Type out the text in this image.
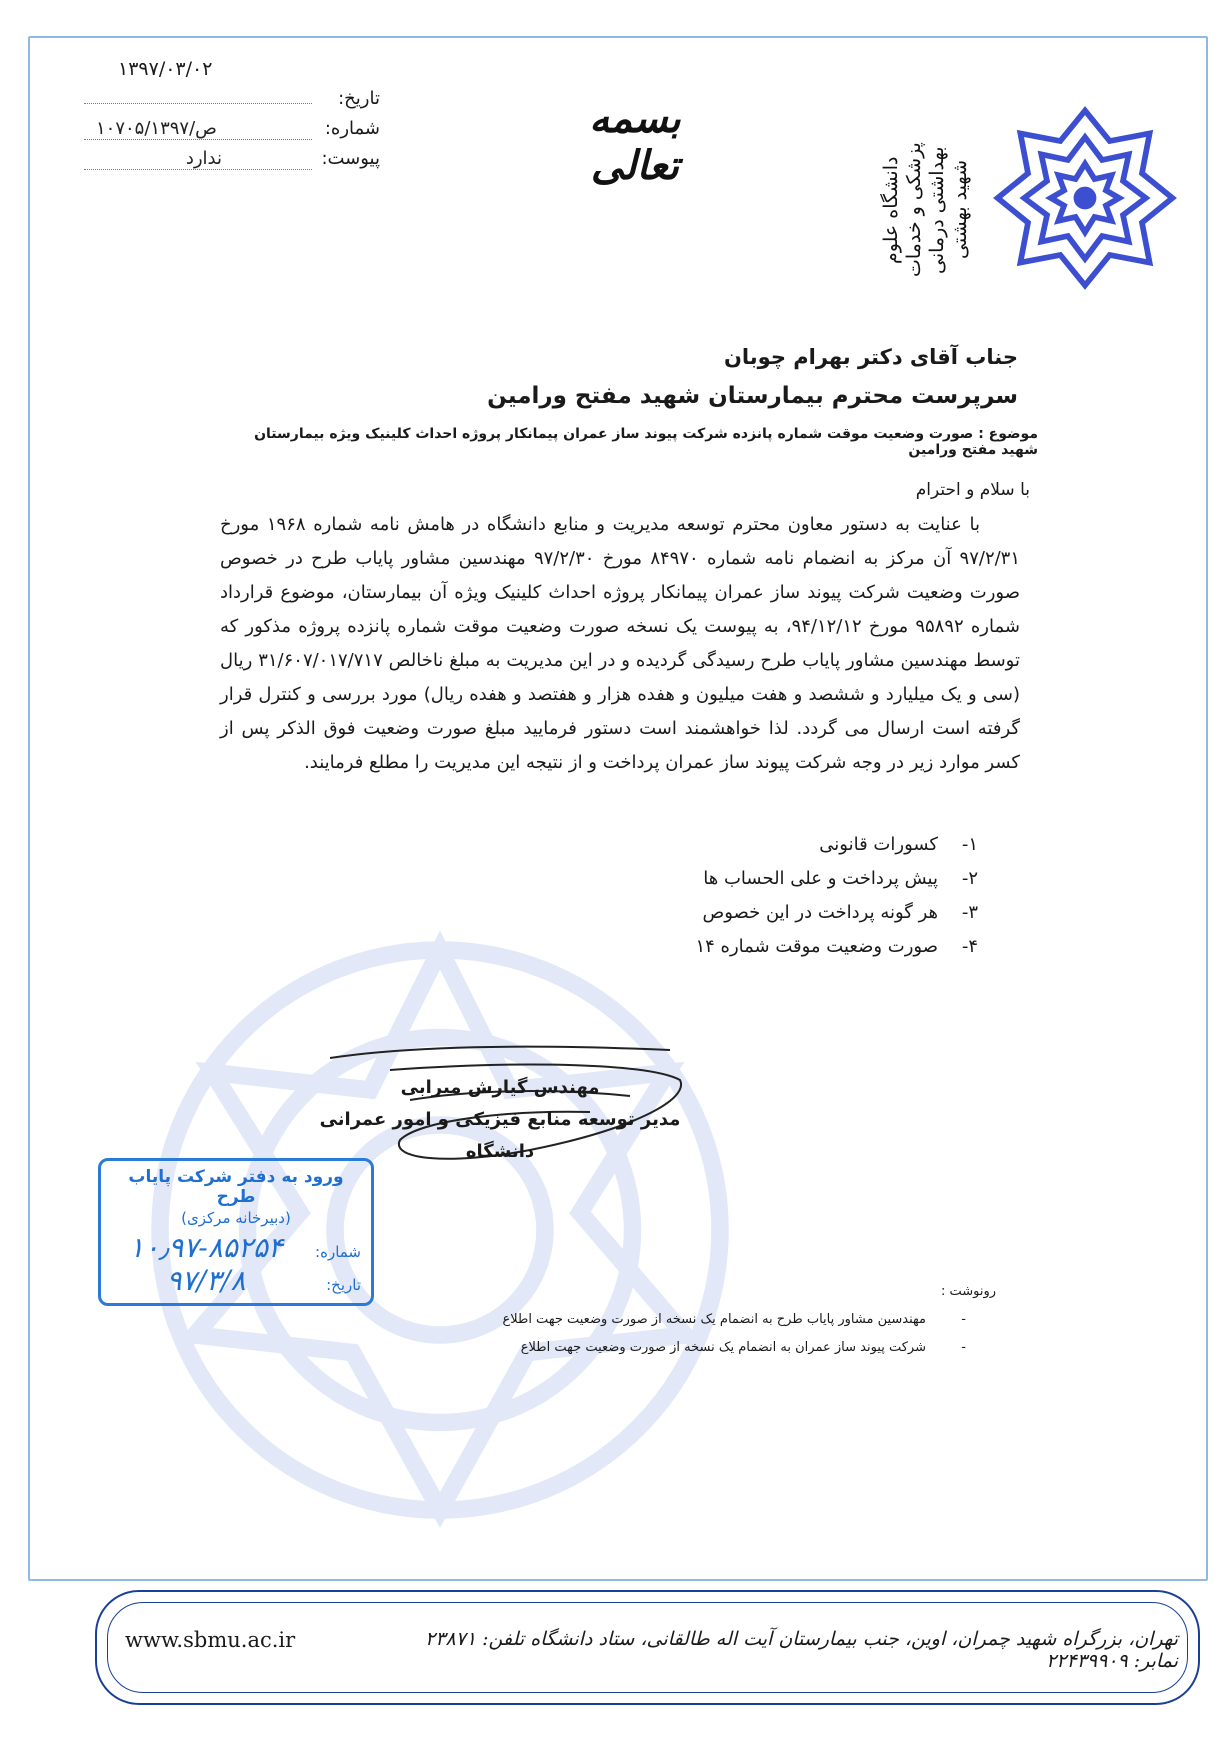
۱۳۹۷/۰۳/۰۲
تاریخ:
شماره:
۱۰۷۰۵/ص/۱۳۹۷
پیوست:
ندارد
بسمه تعالی	دانشگاه علوم پزشکی و خدمات بهداشتی درمانی شهید بهشتی
جناب آقای دکتر بهرام چوبان
سرپرست محترم بیمارستان شهید مفتح ورامین
موضوع : صورت وضعیت موقت شماره پانزده شرکت پیوند ساز عمران پیمانکار پروژه احداث کلینیک ویژه بیمارستان شهید مفتح ورامین
با سلام و احترام
با عنایت به دستور معاون محترم توسعه مدیریت و منابع دانشگاه در هامش نامه شماره ۱۹۶۸ مورخ ۹۷/۲/۳۱ آن مرکز به انضمام نامه شماره ۸۴۹۷۰ مورخ ۹۷/۲/۳۰ مهندسین مشاور پایاب طرح در خصوص صورت وضعیت شرکت پیوند ساز عمران پیمانکار پروژه احداث کلینیک ویژه آن بیمارستان، موضوع قرارداد شماره ۹۵۸۹۲ مورخ ۹۴/۱۲/۱۲، به پیوست یک نسخه صورت وضعیت موقت شماره پانزده پروژه مذکور که توسط مهندسین مشاور پایاب طرح رسیدگی گردیده و در این مدیریت به مبلغ ناخالص ۳۱/۶۰۷/۰۱۷/۷۱۷ ریال (سی و یک میلیارد و ششصد و هفت میلیون و هفده هزار و هفتصد و هفده ریال) مورد بررسی و کنترل قرار گرفته است ارسال می گردد. لذا خواهشمند است دستور فرمایید مبلغ صورت وضعیت فوق الذکر پس از کسر موارد زیر در وجه شرکت پیوند ساز عمران پرداخت و از نتیجه این مدیریت را مطلع فرمایند.
۱-
کسورات قانونی
۲-
پیش پرداخت و علی الحساب ها
۳-
هر گونه پرداخت در این خصوص
۴-
صورت وضعیت موقت شماره ۱۴
مهندس گیارش میرابی
مدیر توسعه منابع فیزیکی و امور عمرانی دانشگاه
ورود به دفتر شرکت پایاب طرح
(دبیرخانه مرکزی)
شماره:
۱۰٫۹۷-۸۵۲۵۴
تاریخ:
۹۷/۳/۸	رونوشت :
-
مهندسین مشاور پایاب طرح به انضمام یک نسخه از صورت وضعیت جهت اطلاع
-
شرکت پیوند ساز عمران به انضمام یک نسخه از صورت وضعیت جهت اطلاع
تهران، بزرگراه شهید چمران، اوین، جنب بیمارستان آیت اله طالقانی، ستاد دانشگاه تلفن: ۲۳۸۷۱ نمابر: ۲۲۴۳۹۹۰۹
www.sbmu.ac.ir
